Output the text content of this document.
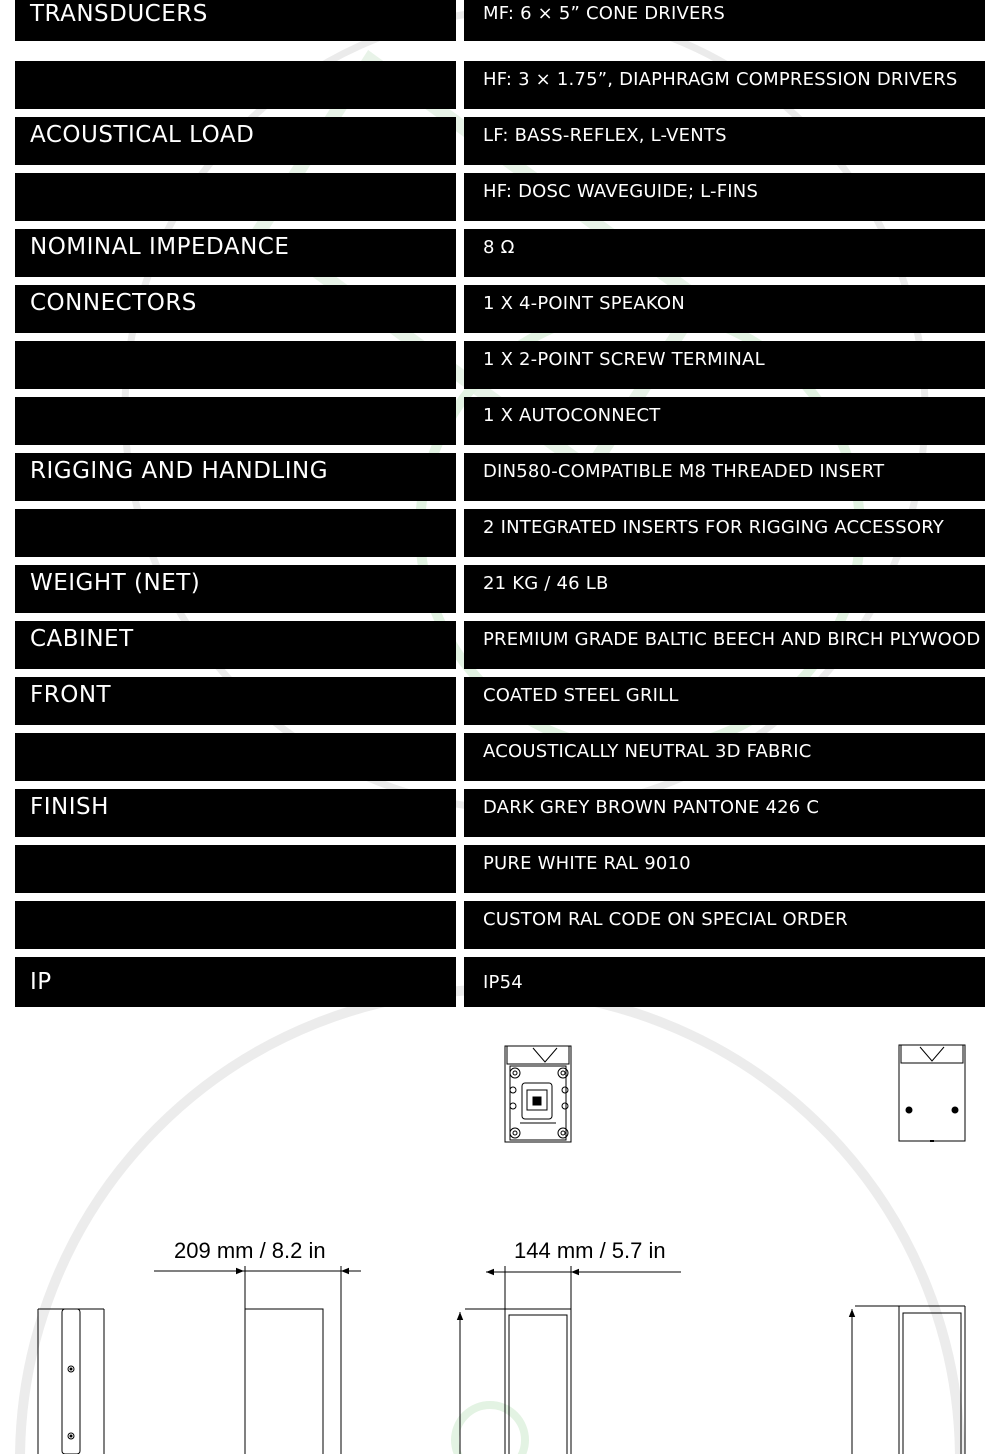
TRANSDUCERS	MF: 6 × 5” CONE DRIVERS
HF: 3 × 1.75”, DIAPHRAGM COMPRESSION DRIVERS
ACOUSTICAL LOAD	LF: BASS-REFLEX, L-VENTS
HF: DOSC WAVEGUIDE; L-FINS
NOMINAL IMPEDANCE	8 Ω
CONNECTORS	1 X 4-POINT SPEAKON
1 X 2-POINT SCREW TERMINAL
1 X AUTOCONNECT
RIGGING AND HANDLING	DIN580-COMPATIBLE M8 THREADED INSERT
2 INTEGRATED INSERTS FOR RIGGING ACCESSORY
WEIGHT (NET)	21 KG / 46 LB
CABINET	PREMIUM GRADE BALTIC BEECH AND BIRCH PLYWOOD
FRONT	COATED STEEL GRILL
ACOUSTICALLY NEUTRAL 3D FABRIC
FINISH	DARK GREY BROWN PANTONE 426 C
PURE WHITE RAL 9010
CUSTOM RAL CODE ON SPECIAL ORDER
IP	IP54
209 mm / 8.2 in	144 mm / 5.7 in
